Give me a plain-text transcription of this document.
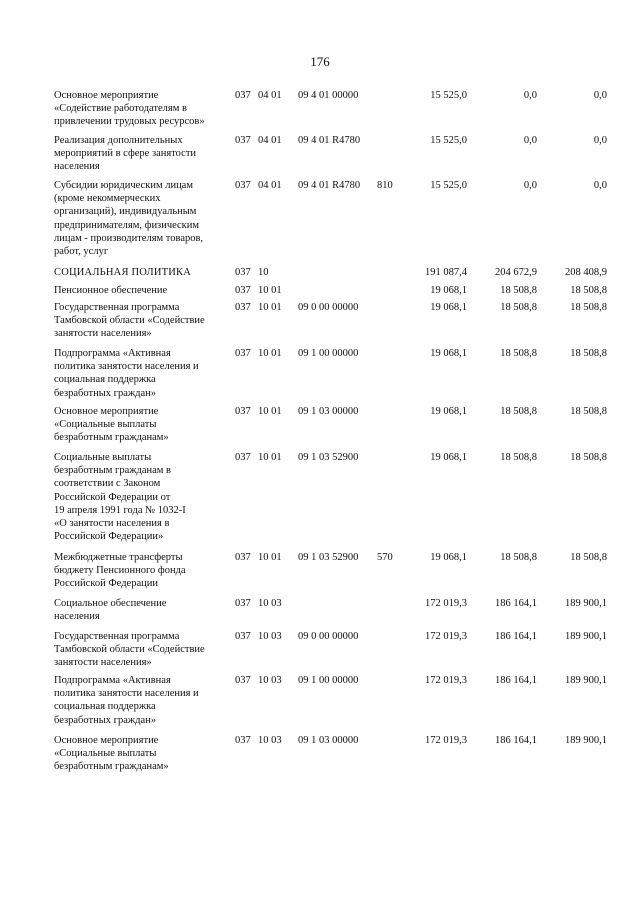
176
Основное мероприятие
«Содействие работодателям в
привлечении трудовых ресурсов»
037 04 01 09 4 01 00000	15 525,0	0,0	0,0
Реализация дополнительных
мероприятий в сфере занятости
населения
037 04 01 09 4 01 R4780	15 525,0	0,0	0,0
Субсидии юридическим лицам
(кроме некоммерческих
организаций), индивидуальным
предпринимателям, физическим
лицам - производителям товаров,
работ, услуг
037 04 01 09 4 01 R4780 810	15 525,0	0,0	0,0
СОЦИАЛЬНАЯ ПОЛИТИКА	037 10	191 087,4	204 672,9	208 408,9
Пенсионное обеспечение	037 10 01	19 068,1	18 508,8	18 508,8
Государственная программа
Тамбовской области «Содействие
занятости населения»
037 10 01 09 0 00 00000	19 068,1	18 508,8	18 508,8
Подпрограмма «Активная
политика занятости населения и
социальная поддержка
безработных граждан»
037 10 01 09 1 00 00000	19 068,1	18 508,8	18 508,8
Основное мероприятие
«Социальные выплаты
безработным гражданам»
037 10 01 09 1 03 00000	19 068,1	18 508,8	18 508,8
Социальные выплаты
безработным гражданам в
соответствии с Законом
Российской Федерации от
19 апреля 1991 года № 1032-I
«О занятости населения в
Российской Федерации»
037 10 01 09 1 03 52900	19 068,1	18 508,8	18 508,8
Межбюджетные трансферты
бюджету Пенсионного фонда
Российской Федерации
037 10 01 09 1 03 52900 570	19 068,1	18 508,8	18 508,8
Социальное обеспечение
населения
037 10 03	172 019,3	186 164,1	189 900,1
Государственная программа
Тамбовской области «Содействие
занятости населения»
037 10 03 09 0 00 00000	172 019,3	186 164,1	189 900,1
Подпрограмма «Активная
политика занятости населения и
социальная поддержка
безработных граждан»
037 10 03 09 1 00 00000	172 019,3	186 164,1	189 900,1
Основное мероприятие
«Социальные выплаты
безработным гражданам»
037 10 03 09 1 03 00000	172 019,3	186 164,1	189 900,1
